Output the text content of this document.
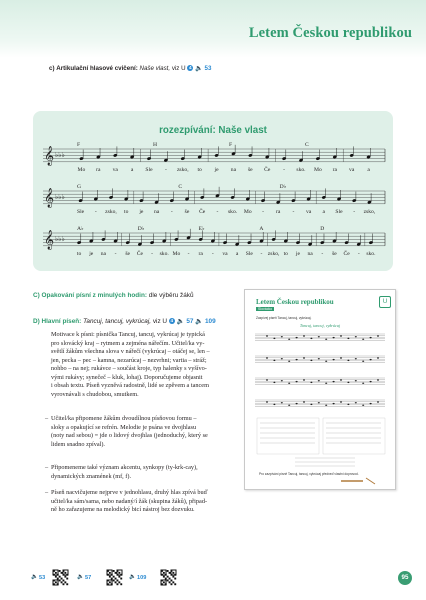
Letem Českou republikou
c) Artikulační hlasové cvičení: Naše vlast, viz U 4 🔈 53
rozezpívání: Naše vlast
𝄞 ♭♭♭
Mo ra va a Sle - zsko, to je na še Če - sko. Mo ra va a
F	H	F	C
𝄞 ♭♭♭
Sle - zsko, to je na - še Če - sko. Mo - ra - va a Sle - zsko,
G	C	D♭
𝄞 ♭♭♭
to je na - še Če - sko. Mo - ra - va a Sle - zsko, to je na - še Če - sko.
A♭	D♭	E♭	A	D
C) Opakování písní z minulých hodin: dle výběru žáků
D) Hlavní píseň: Tancuj, tancuj, vykrúcaj, viz U 4 🔈 57 🔈 109
Motivace k písni: písnička Tancuj, tancuj, vykrúcaj je typická
pro slovácký kraj – rytmem a zejména nářečím. Učitel/ka vy-
světlí žákům všechna slova v nářečí (vykrúcaj – otáčej se, len –
jen, pecka – pec – kamna, nezarúcaj – nezvrhni; vartia – stráž;
nohbo – na nej; rukávce – součást kroje, typ halenky s vyšívo-
vými rukávy; synečeč – kluk, lohaj). Doporučujeme objasnit
i obsah textu. Píseň vyzněvá radostně, lidé se zpěvem a tancem
vyrovnávali s chudobou, smutkem.
– Učitel/ka připomene žákům dvoudílnou písňovou formu –
sloky a opakující se refrén. Melodie je psána ve dvojhlasu
(noty nad sebou) = jde o lidový dvojhlas (jednoduchý, který se
lidem snadno zpíval).
– Připomeneme také význam akcentu, synkopy (ty-krk-cay),
dynamických znamének (mf, f).
– Píseň nacvičujeme nejprve v jednohlasu, druhý hlas zpívá buď
učitel/ka sám/sama, nebo nadaný/í žák (skupina žáků), připad-
ně ho zařazujeme na melodický bicí nástroj bez dozvuku.
Letem Českou republikou	U
Slovácko
Zazpívej píseň Tancuj, tancuj, vykrúcaj.
Tancuj, tancuj, vykrúcaj
Pro zazpívání písně Tancuj, tancuj, vykrúcaj předveď vlastní doprovod.
🔈 53	🔈 57	🔈 109	95
